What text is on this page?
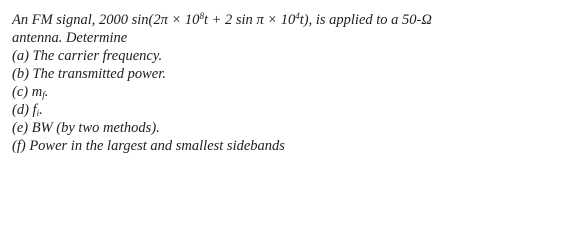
An FM signal, 2000 $\sin(2\pi \times 10^8t + 2$ $\sin \pi \times 10^4t$), is applied to a 50-Ω
antenna. Determine
(a) The carrier frequency.
(b) The transmitted power.
(c) $m_f$.
(d) $f_i$.
(e) BW (by two methods).
(f) Power in the largest and smallest sidebands
